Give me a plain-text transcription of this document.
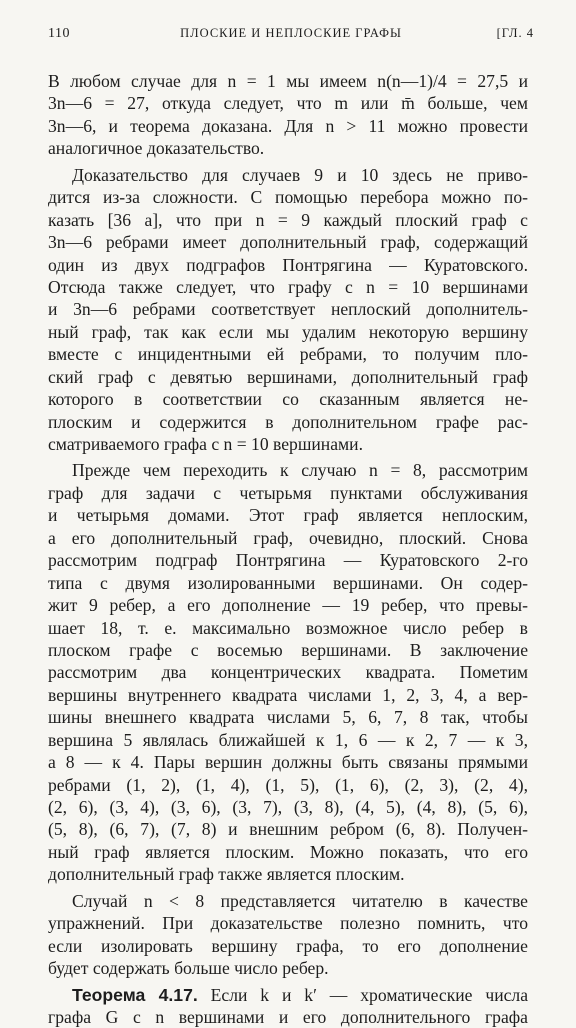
110	ПЛОСКИЕ И НЕПЛОСКИЕ ГРАФЫ	[ГЛ. 4
В любом случае для n = 1 мы имеем n(n—1)/4 = 27,5 и
3n—6 = 27, откуда следует, что m или m̄ больше, чем
3n—6, и теорема доказана. Для n > 11 можно провести
аналогичное доказательство.
Доказательство для случаев 9 и 10 здесь не приво-
дится из-за сложности. С помощью перебора можно по-
казать [36 а], что при n = 9 каждый плоский граф с
3n—6 ребрами имеет дополнительный граф, содержащий
один из двух подграфов Понтрягина — Куратовского.
Отсюда также следует, что графу с n = 10 вершинами
и 3n—6 ребрами соответствует неплоский дополнитель-
ный граф, так как если мы удалим некоторую вершину
вместе с инцидентными ей ребрами, то получим пло-
ский граф с девятью вершинами, дополнительный граф
которого в соответствии со сказанным является не-
плоским и содержится в дополнительном графе рас-
сматриваемого графа с n = 10 вершинами.
Прежде чем переходить к случаю n = 8, рассмотрим
граф для задачи с четырьмя пунктами обслуживания
и четырьмя домами. Этот граф является неплоским,
а его дополнительный граф, очевидно, плоский. Снова
рассмотрим подграф Понтрягина — Куратовского 2-го
типа с двумя изолированными вершинами. Он содер-
жит 9 ребер, а его дополнение — 19 ребер, что превы-
шает 18, т. е. максимально возможное число ребер в
плоском графе с восемью вершинами. В заключение
рассмотрим два концентрических квадрата. Пометим
вершины внутреннего квадрата числами 1, 2, 3, 4, а вер-
шины внешнего квадрата числами 5, 6, 7, 8 так, чтобы
вершина 5 являлась ближайшей к 1, 6 — к 2, 7 — к 3,
а 8 — к 4. Пары вершин должны быть связаны прямыми
ребрами (1, 2), (1, 4), (1, 5), (1, 6), (2, 3), (2, 4),
(2, 6), (3, 4), (3, 6), (3, 7), (3, 8), (4, 5), (4, 8), (5, 6),
(5, 8), (6, 7), (7, 8) и внешним ребром (6, 8). Получен-
ный граф является плоским. Можно показать, что его
дополнительный граф также является плоским.
Случай n < 8 представляется читателю в качестве
упражнений. При доказательстве полезно помнить, что
если изолировать вершину графа, то его дополнение
будет содержать больше число ребер.
Теорема 4.17. Если k и k′ — хроматические числа
графа G с n вершинами и его дополнительного графа
